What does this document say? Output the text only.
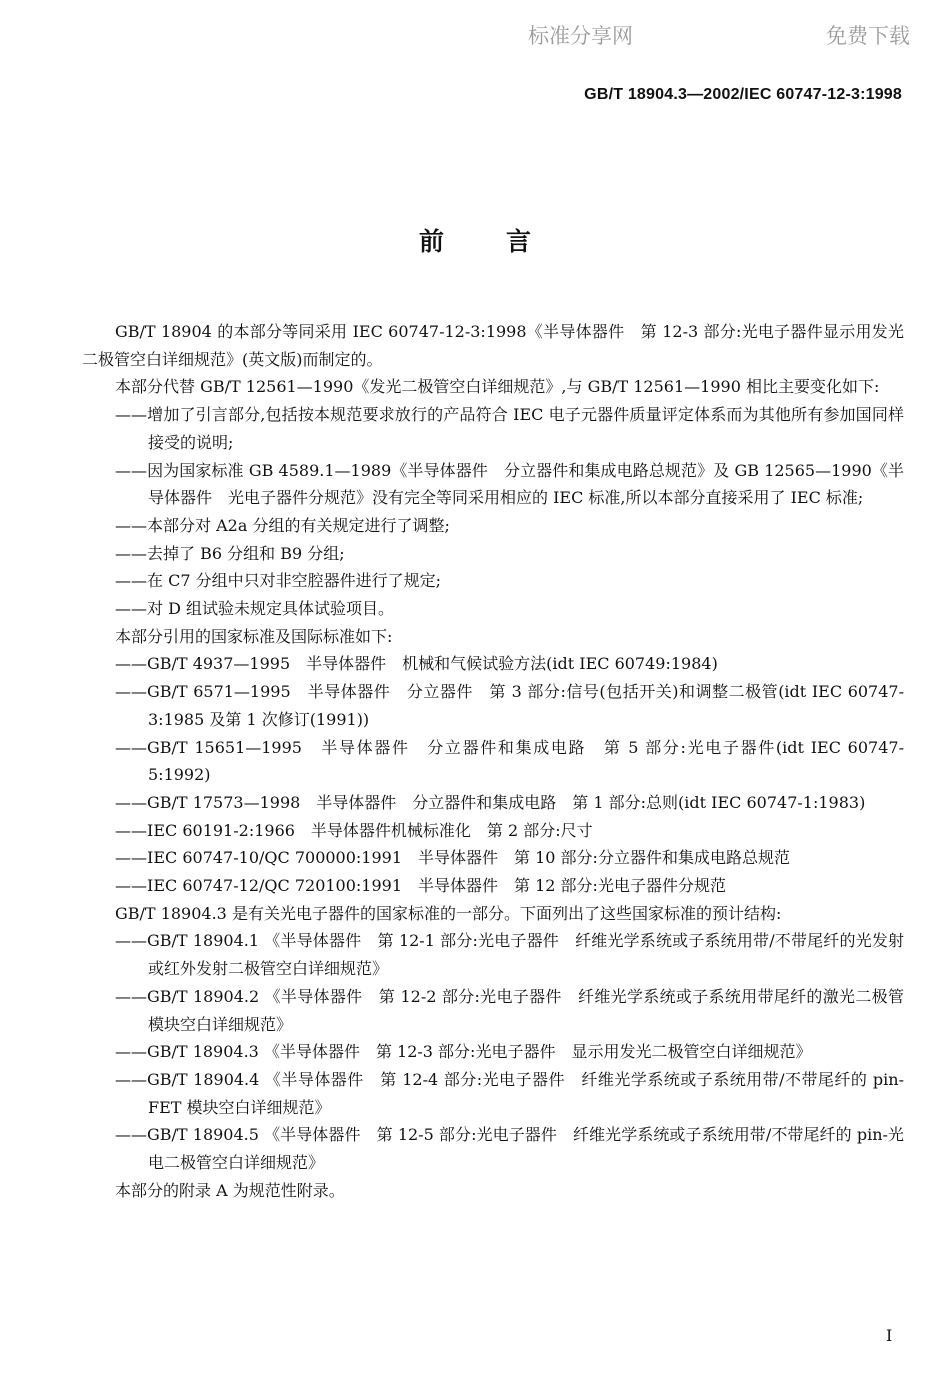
标准分享网	免费下载
GB/T 18904.3—2002/IEC 60747-12-3:1998
前言

GB/T 18904 的本部分等同采用 IEC 60747-12-3:1998《半导体器件　第 12-3 部分:光电子器件显示用发光二极管空白详细规范》(英文版)而制定的。

本部分代替 GB/T 12561—1990《发光二极管空白详细规范》,与 GB/T 12561—1990 相比主要变化如下:

——增加了引言部分,包括按本规范要求放行的产品符合 IEC 电子元器件质量评定体系而为其他所有参加国同样接受的说明;

——因为国家标准 GB 4589.1—1989《半导体器件　分立器件和集成电路总规范》及 GB 12565—1990《半导体器件　光电子器件分规范》没有完全等同采用相应的 IEC 标准,所以本部分直接采用了 IEC 标准;

——本部分对 A2a 分组的有关规定进行了调整;

——去掉了 B6 分组和 B9 分组;

——在 C7 分组中只对非空腔器件进行了规定;

——对 D 组试验未规定具体试验项目。

本部分引用的国家标准及国际标准如下:

——GB/T 4937—1995　半导体器件　机械和气候试验方法(idt IEC 60749:1984)

——GB/T 6571—1995　半导体器件　分立器件　第 3 部分:信号(包括开关)和调整二极管(idt IEC 60747-3:1985 及第 1 次修订(1991))

——GB/T 15651—1995　半导体器件　分立器件和集成电路　第 5 部分:光电子器件(idt IEC 60747-5:1992)

——GB/T 17573—1998　半导体器件　分立器件和集成电路　第 1 部分:总则(idt IEC 60747-1:1983)

——IEC 60191-2:1966　半导体器件机械标准化　第 2 部分:尺寸

——IEC 60747-10/QC 700000:1991　半导体器件　第 10 部分:分立器件和集成电路总规范

——IEC 60747-12/QC 720100:1991　半导体器件　第 12 部分:光电子器件分规范

GB/T 18904.3 是有关光电子器件的国家标准的一部分。下面列出了这些国家标准的预计结构:

——GB/T 18904.1 《半导体器件　第 12-1 部分:光电子器件　纤维光学系统或子系统用带/不带尾纤的光发射或红外发射二极管空白详细规范》

——GB/T 18904.2 《半导体器件　第 12-2 部分:光电子器件　纤维光学系统或子系统用带尾纤的激光二极管模块空白详细规范》

——GB/T 18904.3 《半导体器件　第 12-3 部分:光电子器件　显示用发光二极管空白详细规范》

——GB/T 18904.4 《半导体器件　第 12-4 部分:光电子器件　纤维光学系统或子系统用带/不带尾纤的 pin-FET 模块空白详细规范》

——GB/T 18904.5 《半导体器件　第 12-5 部分:光电子器件　纤维光学系统或子系统用带/不带尾纤的 pin-光电二极管空白详细规范》

本部分的附录 A 为规范性附录。

I
